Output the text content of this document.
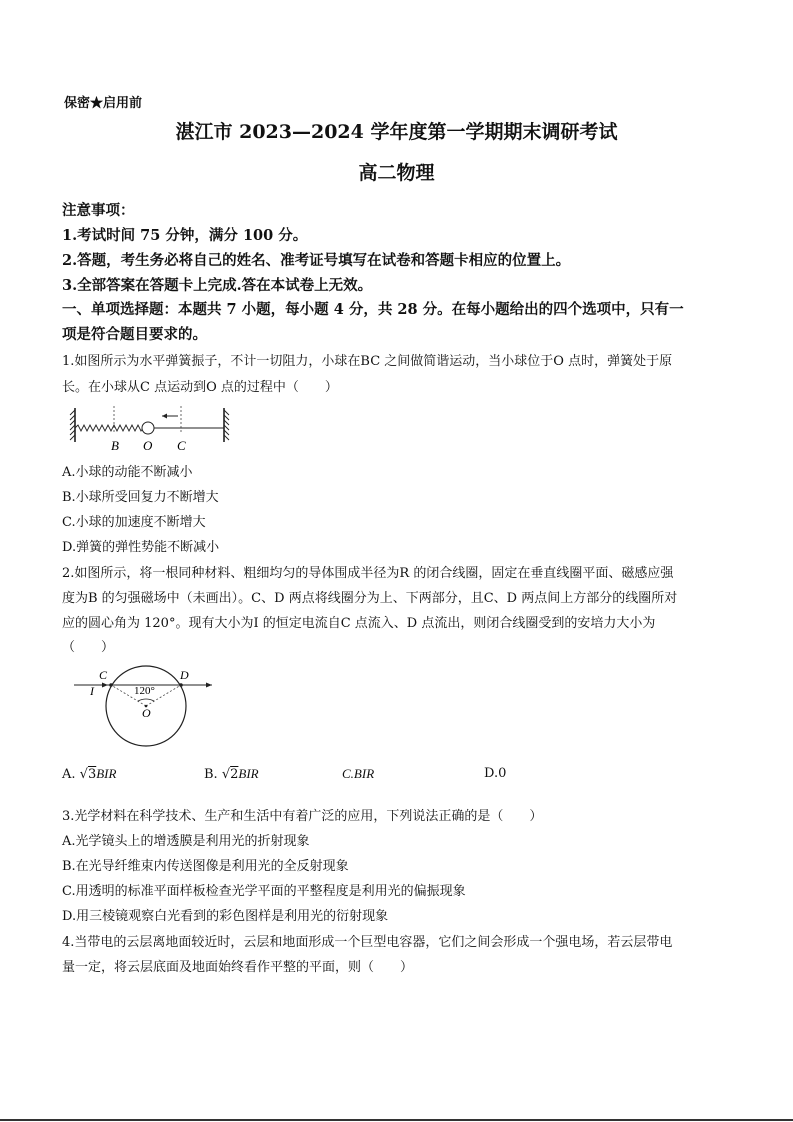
保密★启用前
湛江市 2023—2024 学年度第一学期期末调研考试
高二物理
注意事项：
1.考试时间 75 分钟，满分 100 分。
2.答题，考生务必将自己的姓名、准考证号填写在试卷和答题卡相应的位置上。
3.全部答案在答题卡上完成.答在本试卷上无效。
一、单项选择题：本题共 7 小题，每小题 4 分，共 28 分。在每小题给出的四个选项中，只有一
项是符合题目要求的。
1.如图所示为水平弹簧振子，不计一切阻力，小球在BC 之间做简谐运动，当小球位于O 点时，弹簧处于原
长。在小球从C 点运动到O 点的过程中（　　）
B O C
A.小球的动能不断减小
B.小球所受回复力不断增大
C.小球的加速度不断增大
D.弹簧的弹性势能不断减小
2.如图所示，将一根同种材料、粗细均匀的导体围成半径为R 的闭合线圈，固定在垂直线圈平面、磁感应强
度为B 的匀强磁场中（未画出）。C、D 两点将线圈分为上、下两部分，且C、D 两点间上方部分的线圈所对
应的圆心角为 120°。现有大小为I 的恒定电流自C 点流入、D 点流出，则闭合线圈受到的安培力大小为
（　　）
C	D
I	120°
O
A. √3BIR	B. √2BIR	C.BIR	D.0
3.光学材料在科学技术、生产和生活中有着广泛的应用，下列说法正确的是（　　）
A.光学镜头上的增透膜是利用光的折射现象
B.在光导纤维束内传送图像是利用光的全反射现象
C.用透明的标准平面样板检查光学平面的平整程度是利用光的偏振现象
D.用三棱镜观察白光看到的彩色图样是利用光的衍射现象
4.当带电的云层离地面较近时，云层和地面形成一个巨型电容器，它们之间会形成一个强电场，若云层带电
量一定，将云层底面及地面始终看作平整的平面，则（　　）
